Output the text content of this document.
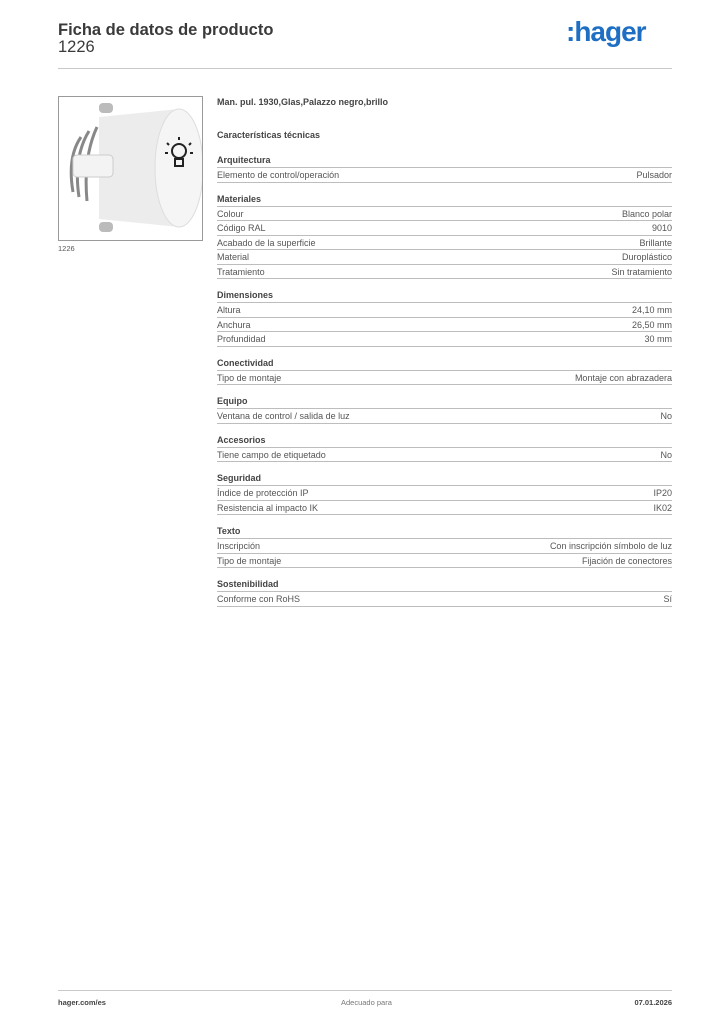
Ficha de datos de producto
1226	:hager
1226
Man. pul. 1930,Glas,Palazzo negro,brillo
Características técnicas
Arquitectura
Elemento de control/operación	Pulsador
Materiales
Colour	Blanco polar
Código RAL	9010
Acabado de la superficie	Brillante
Material	Duroplástico
Tratamiento	Sin tratamiento
Dimensiones
Altura	24,10 mm
Anchura	26,50 mm
Profundidad	30 mm
Conectividad
Tipo de montaje	Montaje con abrazadera
Equipo
Ventana de control / salida de luz	No
Accesorios
Tiene campo de etiquetado	No
Seguridad
Índice de protección IP	IP20
Resistencia al impacto IK	IK02
Texto
Inscripción	Con inscripción símbolo de luz
Tipo de montaje	Fijación de conectores
Sostenibilidad
Conforme con RoHS	Sí
hager.com/es	Adecuado para	07.01.2026
